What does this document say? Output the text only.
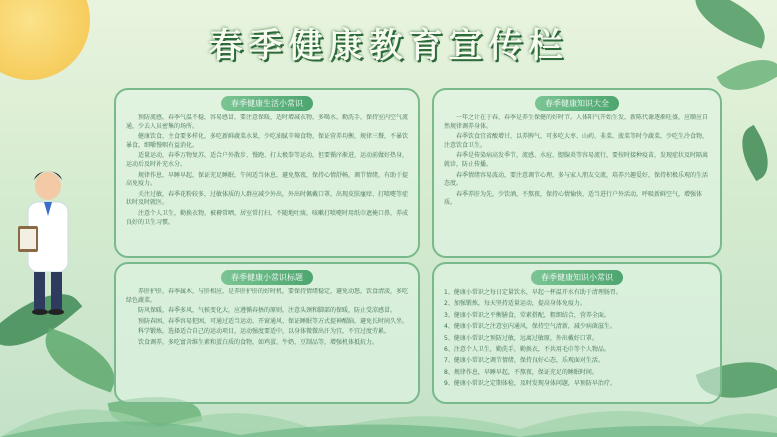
春季健康教育宣传栏
春季健康生活小常识

预防流感，春季气温不稳，容易感冒，要注意保暖，适时增减衣物，多喝水，勤洗手，保持室内空气流通，少去人员密集的场所。

健康饮食，主食要多样化，多吃新鲜蔬菜水果，少吃油腻辛辣食物，保证营养均衡，规律三餐，不暴饮暴食，细嚼慢咽有益消化。

适量运动，春季万物复苏，适合户外散步、慢跑、打太极拳等运动，但要循序渐进，运动前做好热身，运动后及时补充水分。

规律作息，早睡早起，保证充足睡眠，午间适当休息，避免熬夜，保持心情舒畅，调节情绪，有助于提高免疫力。

关注过敏，春季花粉较多，过敏体质的人群应减少外出，外出时佩戴口罩，出现皮肤瘙痒、打喷嚏等症状时及时就医。

注意个人卫生，勤换衣物，被褥常晒，居室常打扫，不随地吐痰，咳嗽打喷嚏时用纸巾遮掩口鼻，养成良好的卫生习惯。

春季健康知识大全

一年之计在于春，春季是养生保健的好时节。人体阳气开始生发，新陈代谢逐渐旺盛，应顺应自然规律调养身体。

春季饮食宜省酸增甘，以养脾气，可多吃大枣、山药、韭菜、菠菜等时令蔬菜，少吃生冷食物，注意饮食卫生。

春季是传染病高发季节，流感、水痘、腮腺炎等容易流行，要按时接种疫苗，发现症状及时隔离就诊，防止传播。

春季情绪容易波动，要注意调节心理，多与家人朋友交流，培养兴趣爱好，保持积极乐观的生活态度。

春季养肝为先，少饮酒，不熬夜，保持心情愉快，适当进行户外活动，呼吸新鲜空气，增强体质。

春季健康小常识标题

养肝护肝，春季属木，与肝相应，是养肝护肝的好时机，要保持情绪稳定，避免动怒，饮食清淡，多吃绿色蔬菜。

防风保暖，春季多风，气候变化大，应遵循春捂的原则，注意头颈和脚部的保暖，防止受凉感冒。

预防春困，春季容易犯困，可通过适当运动、开窗通风、保证睡眠等方式提神醒脑，避免长时间久坐。

科学锻炼，选择适合自己的运动项目，运动强度要适中，以身体微微出汗为宜，不宜过度劳累。

饮食调养，多吃富含维生素和蛋白质的食物，如鸡蛋、牛奶、豆制品等，增强机体抵抗力。

春季健康知识小常识

1、健康小常识之每日定量饮水，早起一杯温开水有助于清理肠胃。

2、加强锻炼，每天坚持适量运动，提高身体免疫力。

3、健康小常识之平衡膳食，荤素搭配，粗细结合，营养全面。

4、健康小常识之注意室内通风，保持空气清新，减少病菌滋生。

5、健康小常识之预防过敏，远离过敏原，外出戴好口罩。

6、注意个人卫生，勤洗手，勤换衣，不共用毛巾等个人物品。

7、健康小常识之调节情绪，保持良好心态，乐观面对生活。

8、规律作息，早睡早起，不熬夜，保证充足的睡眠时间。

9、健康小常识之定期体检，及时发现身体问题，早预防早治疗。
